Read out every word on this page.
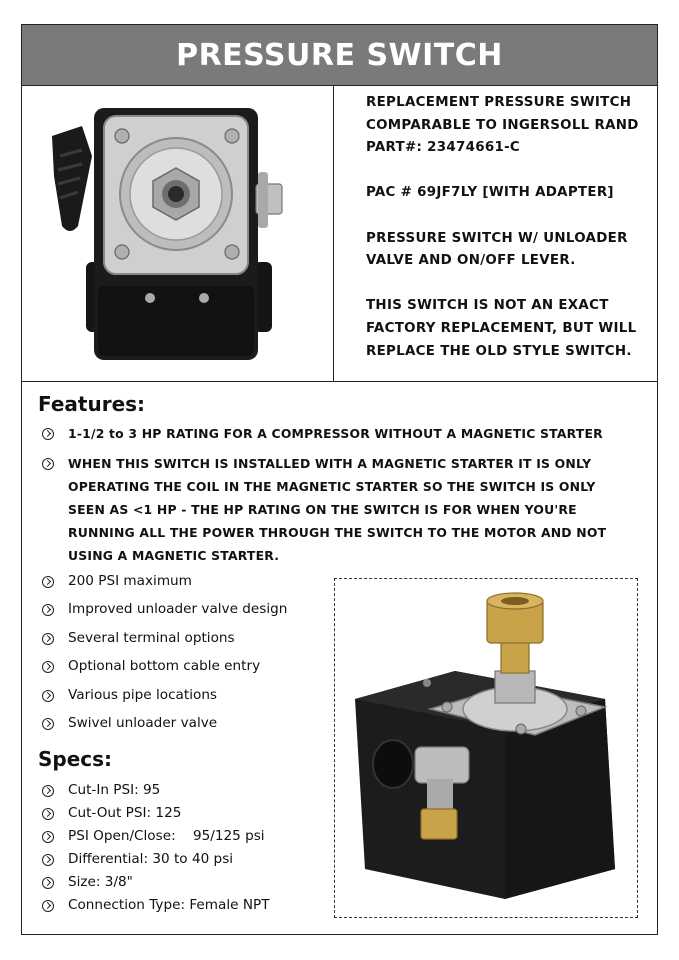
PRESSURE SWITCH

REPLACEMENT PRESSURE SWITCH
COMPARABLE TO INGERSOLL RAND
PART#: 23474661-C

PAC # 69JF7LY [WITH ADAPTER]

PRESSURE SWITCH W/ UNLOADER
VALVE AND ON/OFF LEVER.

THIS SWITCH IS NOT AN EXACT
FACTORY REPLACEMENT, BUT WILL
REPLACE THE OLD STYLE SWITCH.

Features:
1-1/2 to 3 HP RATING FOR A COMPRESSOR WITHOUT A MAGNETIC STARTER
WHEN THIS SWITCH IS INSTALLED WITH A MAGNETIC STARTER IT IS ONLY
OPERATING THE COIL IN THE MAGNETIC STARTER SO THE SWITCH IS ONLY
SEEN AS <1 HP - THE HP RATING ON THE SWITCH IS FOR WHEN YOU'RE
RUNNING ALL THE POWER THROUGH THE SWITCH TO THE MOTOR AND NOT
USING A MAGNETIC STARTER.
200 PSI maximum
Improved unloader valve design
Several terminal options
Optional bottom cable entry
Various pipe locations
Swivel unloader valve
Specs:
Cut-In PSI: 95
Cut-Out PSI: 125
PSI Open/Close:    95/125 psi
Differential: 30 to 40 psi
Size: 3/8"
Connection Type: Female NPT
